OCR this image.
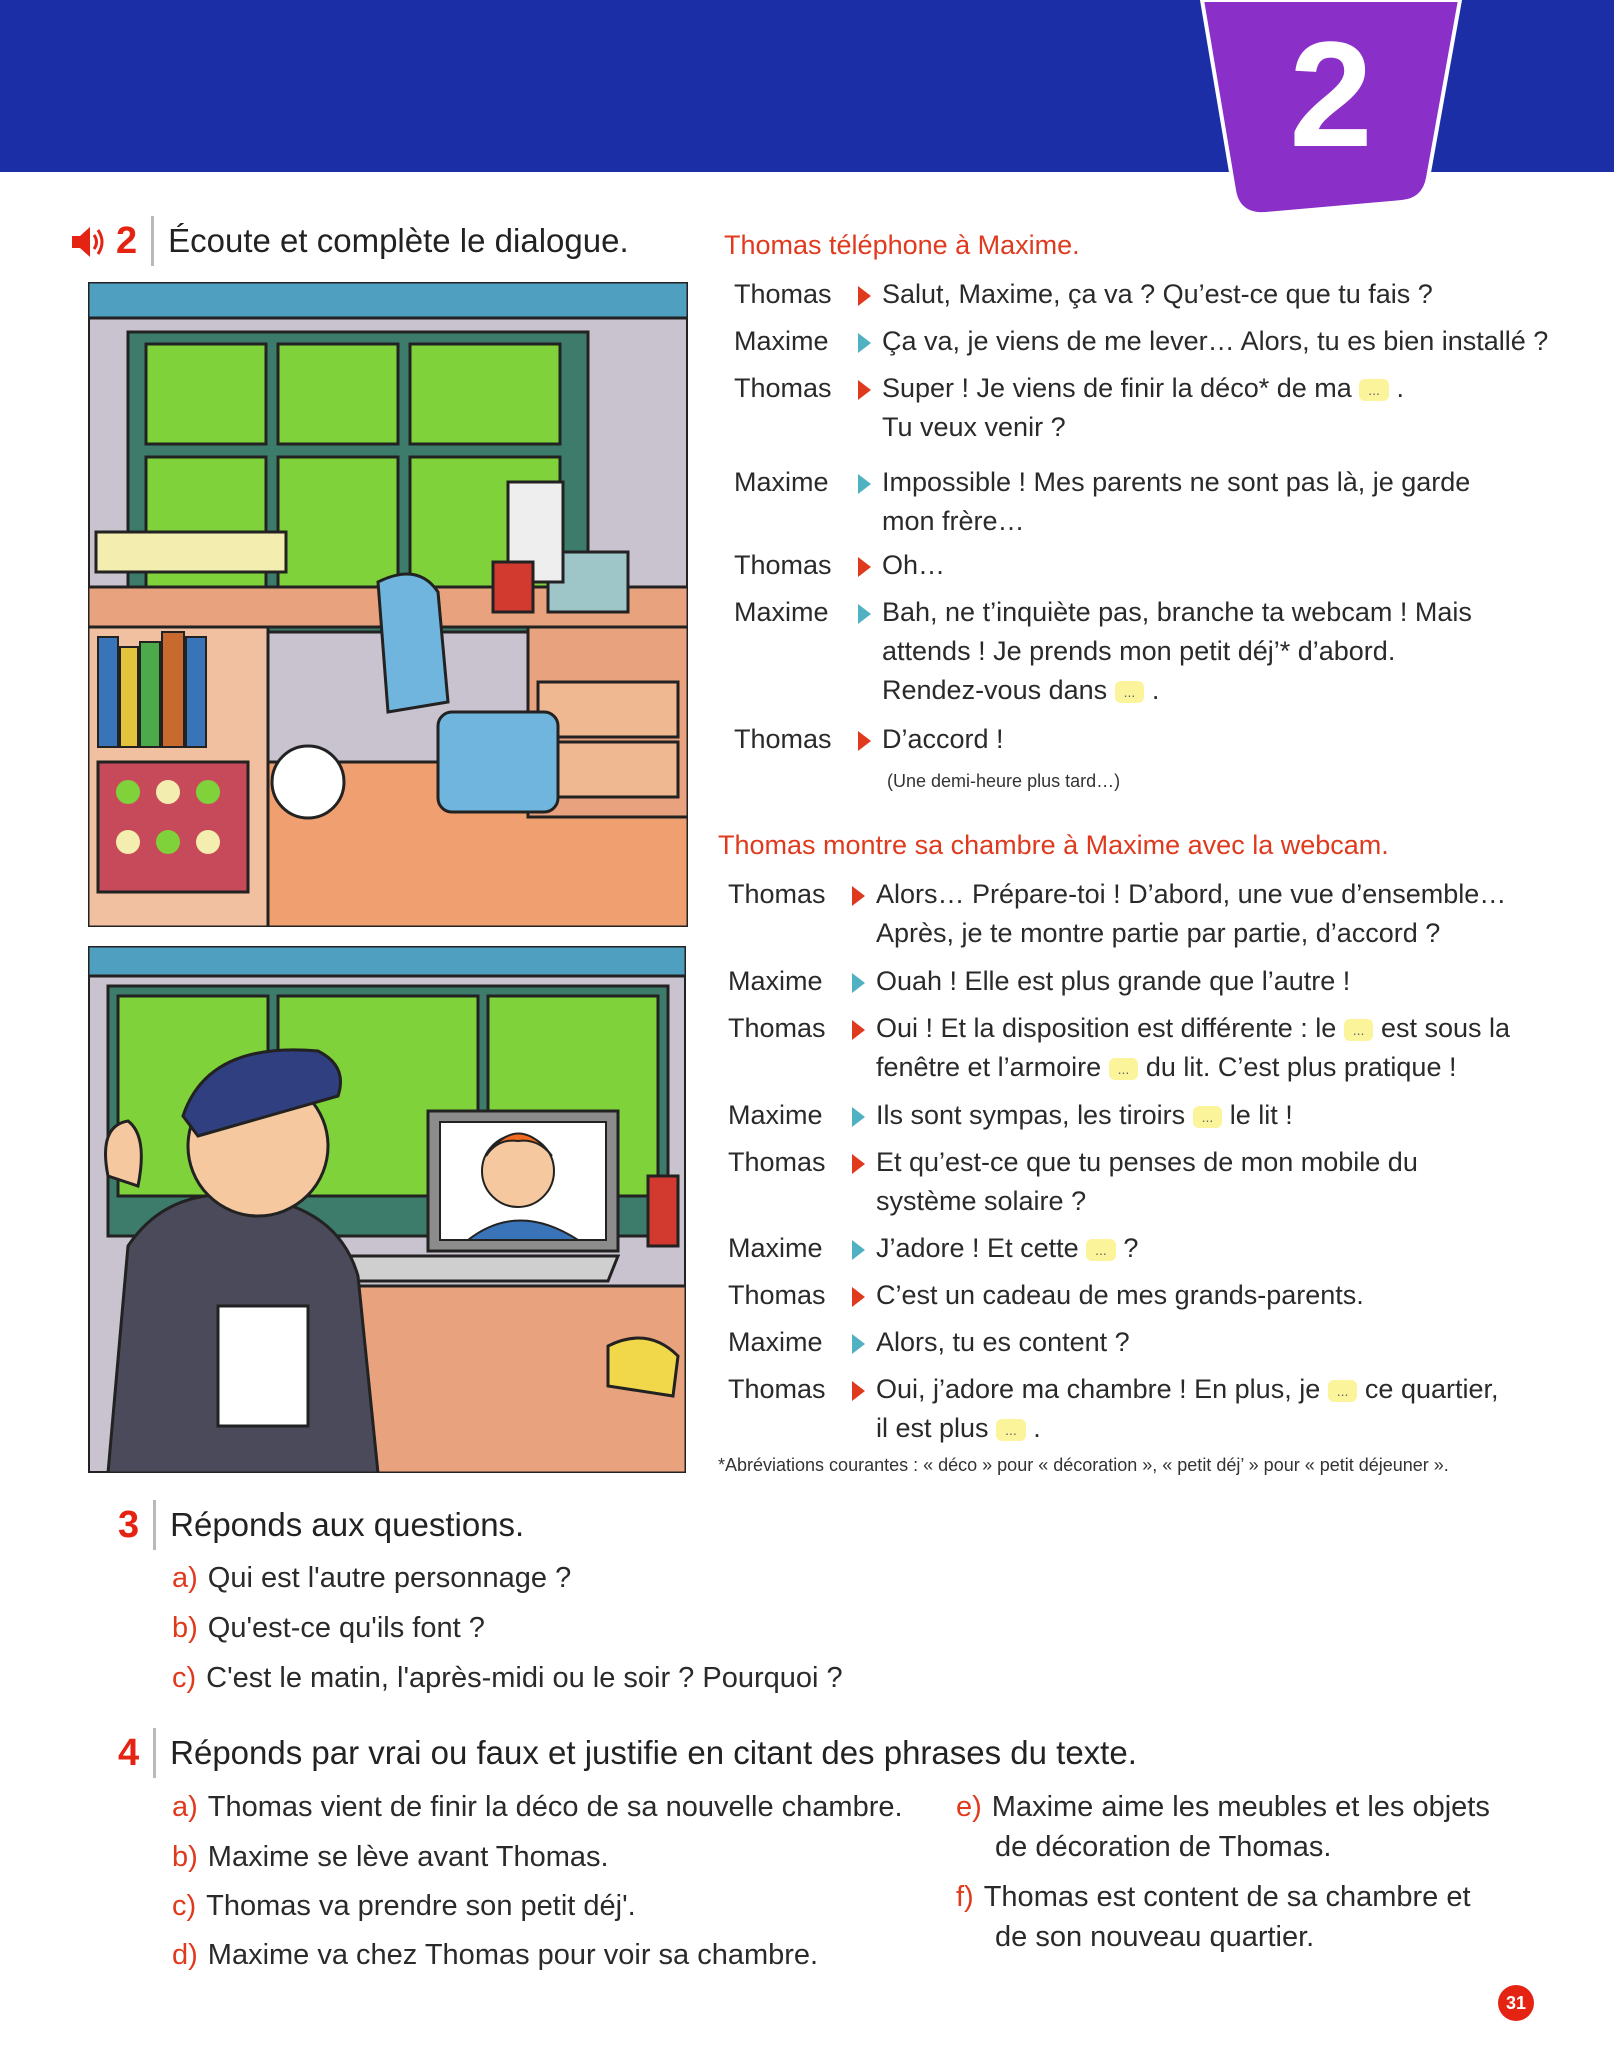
2
2 Écoute et complète le dialogue.	Thomas téléphone à Maxime.
Thomas	Salut, Maxime, ça va ? Qu’est-ce que tu fais ?
Maxime	Ça va, je viens de me lever… Alors, tu es bien installé ?
Thomas	Super ! Je viens de finir la déco* de ma ... .
Tu veux venir ?
Maxime	Impossible ! Mes parents ne sont pas là, je garde
mon frère…
Thomas	Oh…
Maxime	Bah, ne t’inquiète pas, branche ta webcam ! Mais
attends ! Je prends mon petit déj’* d’abord.
Rendez-vous dans ... .
Thomas	D’accord !
(Une demi-heure plus tard…)
Thomas montre sa chambre à Maxime avec la webcam.
Thomas	Alors… Prépare-toi ! D’abord, une vue d’ensemble…
Après, je te montre partie par partie, d’accord ?
Maxime	Ouah ! Elle est plus grande que l’autre !
Thomas	Oui ! Et la disposition est différente : le ... est sous la
fenêtre et l’armoire ... du lit. C’est plus pratique !
Maxime	Ils sont sympas, les tiroirs ... le lit !
Thomas	Et qu’est-ce que tu penses de mon mobile du
système solaire ?
Maxime	J’adore ! Et cette ... ?
Thomas	C’est un cadeau de mes grands-parents.
Maxime	Alors, tu es content ?
Thomas	Oui, j’adore ma chambre ! En plus, je ... ce quartier,
il est plus ... .
*Abréviations courantes : « déco » pour « décoration », « petit déj’ » pour « petit déjeuner ».
3 Réponds aux questions.
a) Qui est l'autre personnage ?
b) Qu'est-ce qu'ils font ?
c) C'est le matin, l'après-midi ou le soir ? Pourquoi ?
4 Réponds par vrai ou faux et justifie en citant des phrases du texte.
a) Thomas vient de finir la déco de sa nouvelle chambre.
b) Maxime se lève avant Thomas.
c) Thomas va prendre son petit déj'.
d) Maxime va chez Thomas pour voir sa chambre.
e) Maxime aime les meubles et les objets
de décoration de Thomas.
f) Thomas est content de sa chambre et
de son nouveau quartier.
31
